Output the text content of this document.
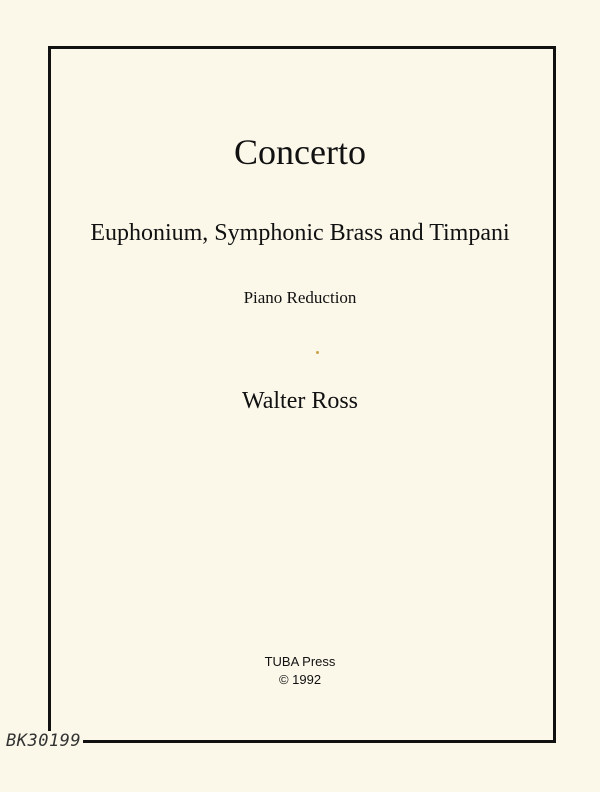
Concerto
Euphonium, Symphonic Brass and Timpani
Piano Reduction
Walter Ross
TUBA Press
© 1992
BK30199
